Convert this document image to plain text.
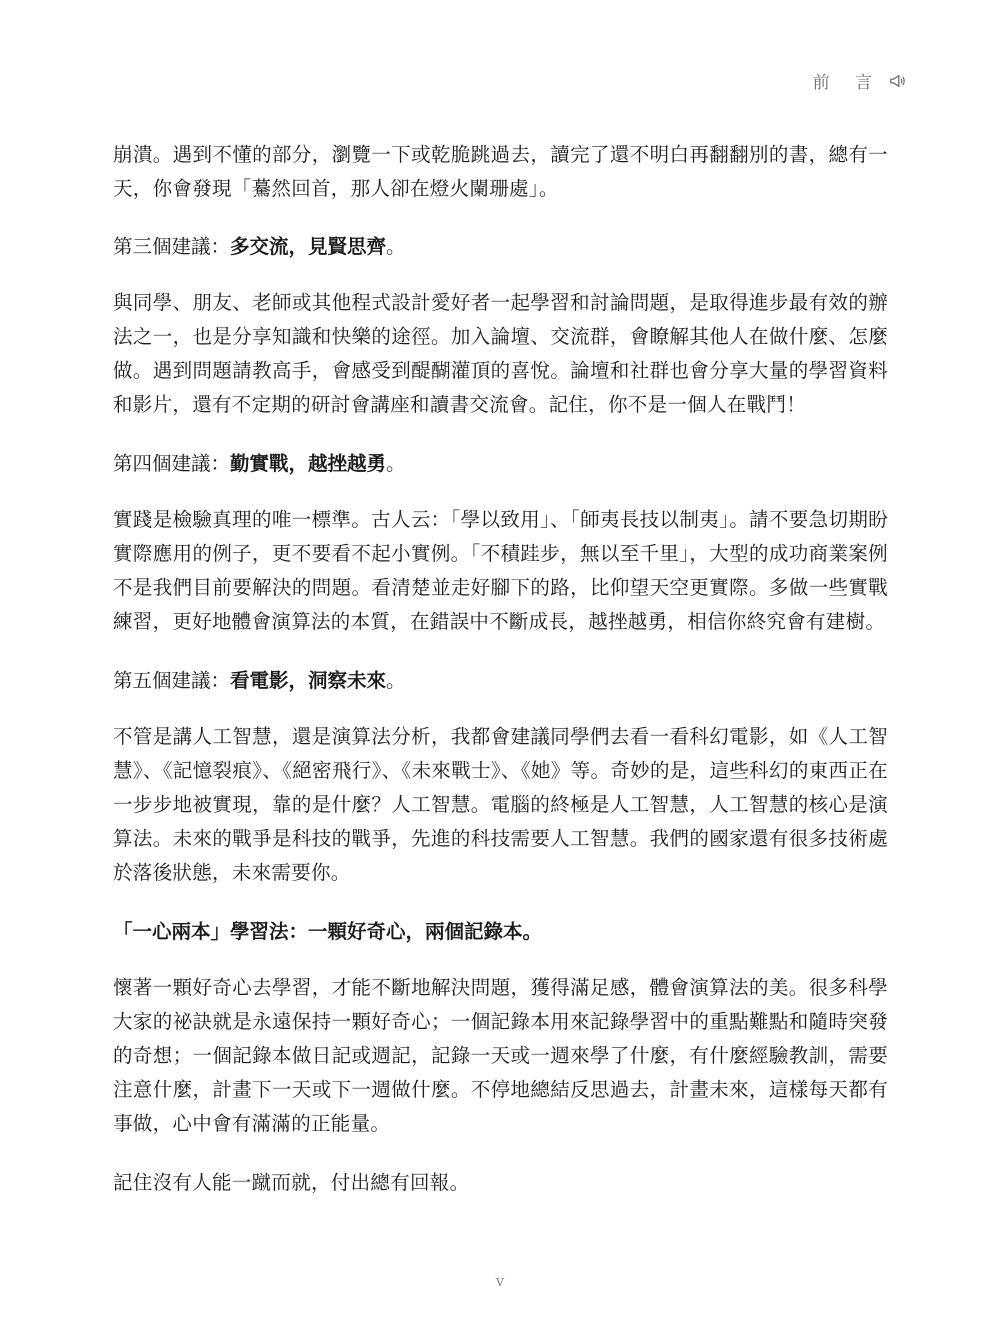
前 言

崩潰。遇到不懂的部分，瀏覽一下或乾脆跳過去，讀完了還不明白再翻翻別的書，總有一天，你會發現「驀然回首，那人卻在燈火闌珊處」。

第三個建議：多交流，見賢思齊。

與同學、朋友、老師或其他程式設計愛好者一起學習和討論問題，是取得進步最有效的辦法之一，也是分享知識和快樂的途徑。加入論壇、交流群，會瞭解其他人在做什麼、怎麼做。遇到問題請教高手，會感受到醍醐灌頂的喜悅。論壇和社群也會分享大量的學習資料和影片，還有不定期的研討會講座和讀書交流會。記住，你不是一個人在戰鬥！

第四個建議：勤實戰，越挫越勇。

實踐是檢驗真理的唯一標準。古人云：「學以致用」、「師夷長技以制夷」。請不要急切期盼實際應用的例子，更不要看不起小實例。「不積跬步，無以至千里」，大型的成功商業案例不是我們目前要解決的問題。看清楚並走好腳下的路，比仰望天空更實際。多做一些實戰練習，更好地體會演算法的本質，在錯誤中不斷成長，越挫越勇，相信你終究會有建樹。

第五個建議：看電影，洞察未來。

不管是講人工智慧，還是演算法分析，我都會建議同學們去看一看科幻電影，如《人工智慧》、《記憶裂痕》、《絕密飛行》、《未來戰士》、《她》等。奇妙的是，這些科幻的東西正在一步步地被實現，靠的是什麼？人工智慧。電腦的終極是人工智慧，人工智慧的核心是演算法。未來的戰爭是科技的戰爭，先進的科技需要人工智慧。我們的國家還有很多技術處於落後狀態，未來需要你。

「一心兩本」學習法：一顆好奇心，兩個記錄本。

懷著一顆好奇心去學習，才能不斷地解決問題，獲得滿足感，體會演算法的美。很多科學大家的祕訣就是永遠保持一顆好奇心；一個記錄本用來記錄學習中的重點難點和隨時突發的奇想；一個記錄本做日記或週記，記錄一天或一週來學了什麼，有什麼經驗教訓，需要注意什麼，計畫下一天或下一週做什麼。不停地總結反思過去，計畫未來，這樣每天都有事做，心中會有滿滿的正能量。

記住沒有人能一蹴而就，付出總有回報。

v
